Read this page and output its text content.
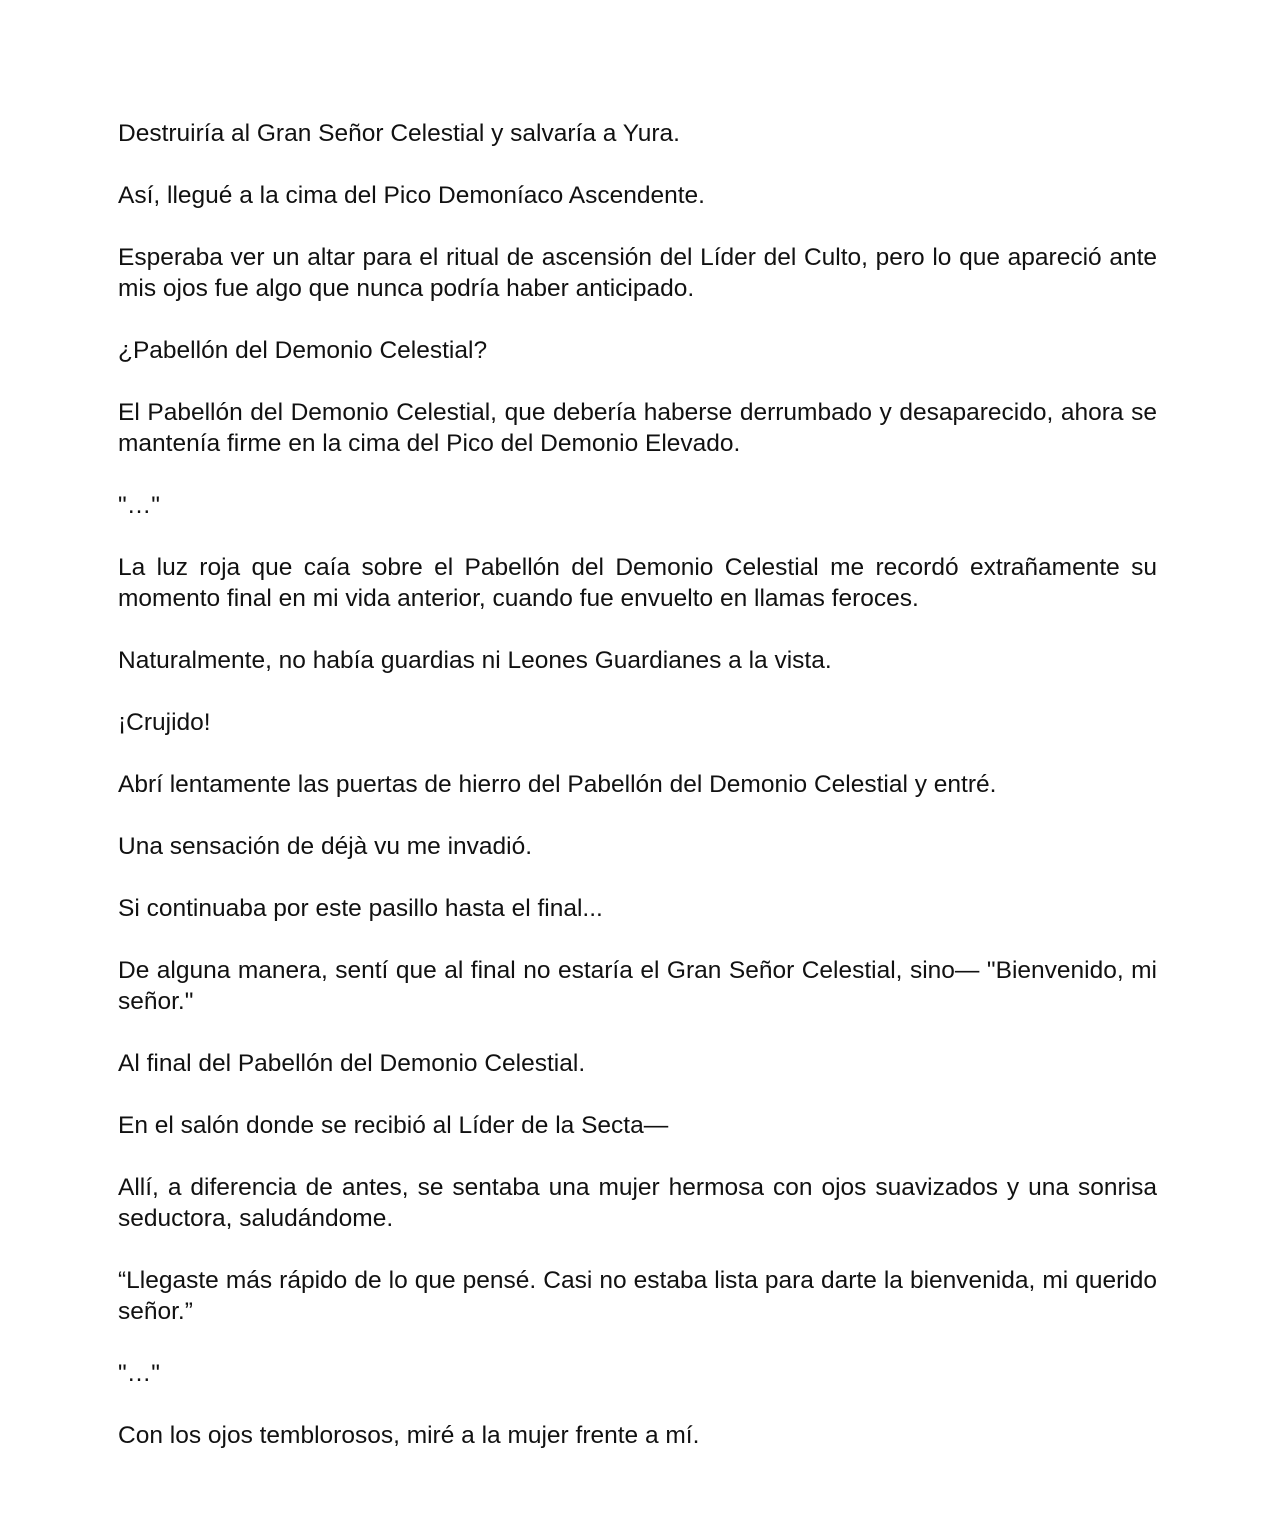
Destruiría al Gran Señor Celestial y salvaría a Yura.

Así, llegué a la cima del Pico Demoníaco Ascendente.

Esperaba ver un altar para el ritual de ascensión del Líder del Culto, pero lo que apareció ante mis ojos fue algo que nunca podría haber anticipado.

¿Pabellón del Demonio Celestial?

El Pabellón del Demonio Celestial, que debería haberse derrumbado y desaparecido, ahora se mantenía firme en la cima del Pico del Demonio Elevado.

"…"

La luz roja que caía sobre el Pabellón del Demonio Celestial me recordó extrañamente su momento final en mi vida anterior, cuando fue envuelto en llamas feroces.

Naturalmente, no había guardias ni Leones Guardianes a la vista.

¡Crujido!

Abrí lentamente las puertas de hierro del Pabellón del Demonio Celestial y entré.

Una sensación de déjà vu me invadió.

Si continuaba por este pasillo hasta el final...

De alguna manera, sentí que al final no estaría el Gran Señor Celestial, sino— "Bienvenido, mi señor."

Al final del Pabellón del Demonio Celestial.

En el salón donde se recibió al Líder de la Secta—

Allí, a diferencia de antes, se sentaba una mujer hermosa con ojos suavizados y una sonrisa seductora, saludándome.

“Llegaste más rápido de lo que pensé. Casi no estaba lista para darte la bienvenida, mi querido señor.”

"…"

Con los ojos temblorosos, miré a la mujer frente a mí.
